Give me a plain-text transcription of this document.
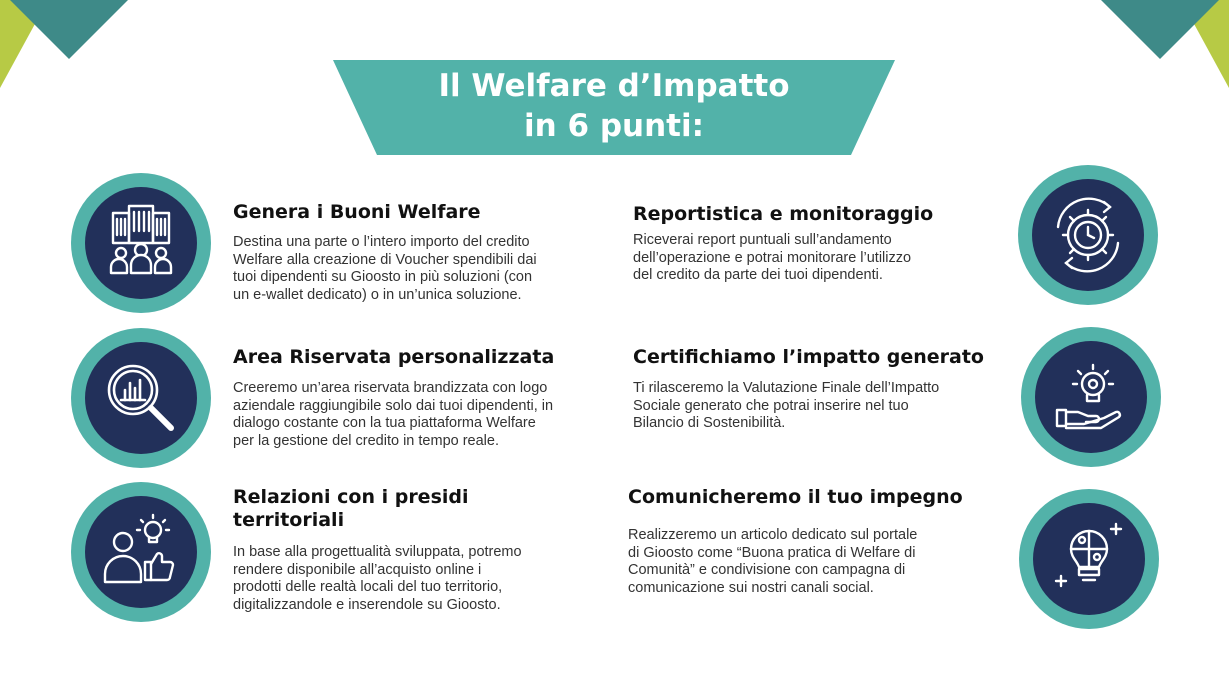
Il Welfare d’Impatto
in 6 punti:
Genera i Buoni Welfare
Destina una parte o l’intero importo del credito
Welfare alla creazione di Voucher spendibili dai
tuoi dipendenti su Gioosto in più soluzioni (con
un e-wallet dedicato) o in un’unica soluzione.
Reportistica e monitoraggio
Riceverai report puntuali sull’andamento
dell’operazione e potrai monitorare l’utilizzo
del credito da parte dei tuoi dipendenti.
Area Riservata personalizzata
Creeremo un’area riservata brandizzata con logo
aziendale raggiungibile solo dai tuoi dipendenti, in
dialogo costante con la tua piattaforma Welfare
per la gestione del credito in tempo reale.
Certifichiamo l’impatto generato
Ti rilasceremo la Valutazione Finale dell’Impatto
Sociale generato che potrai inserire nel tuo
Bilancio di Sostenibilità.
Relazioni con i presidi
territoriali
In base alla progettualità sviluppata, potremo
rendere disponibile all’acquisto online i
prodotti delle realtà locali del tuo territorio,
digitalizzandole e inserendole su Gioosto.
Comunicheremo il tuo impegno
Realizzeremo un articolo dedicato sul portale
di Gioosto come “Buona pratica di Welfare di
Comunità” e condivisione con campagna di
comunicazione sui nostri canali social.
